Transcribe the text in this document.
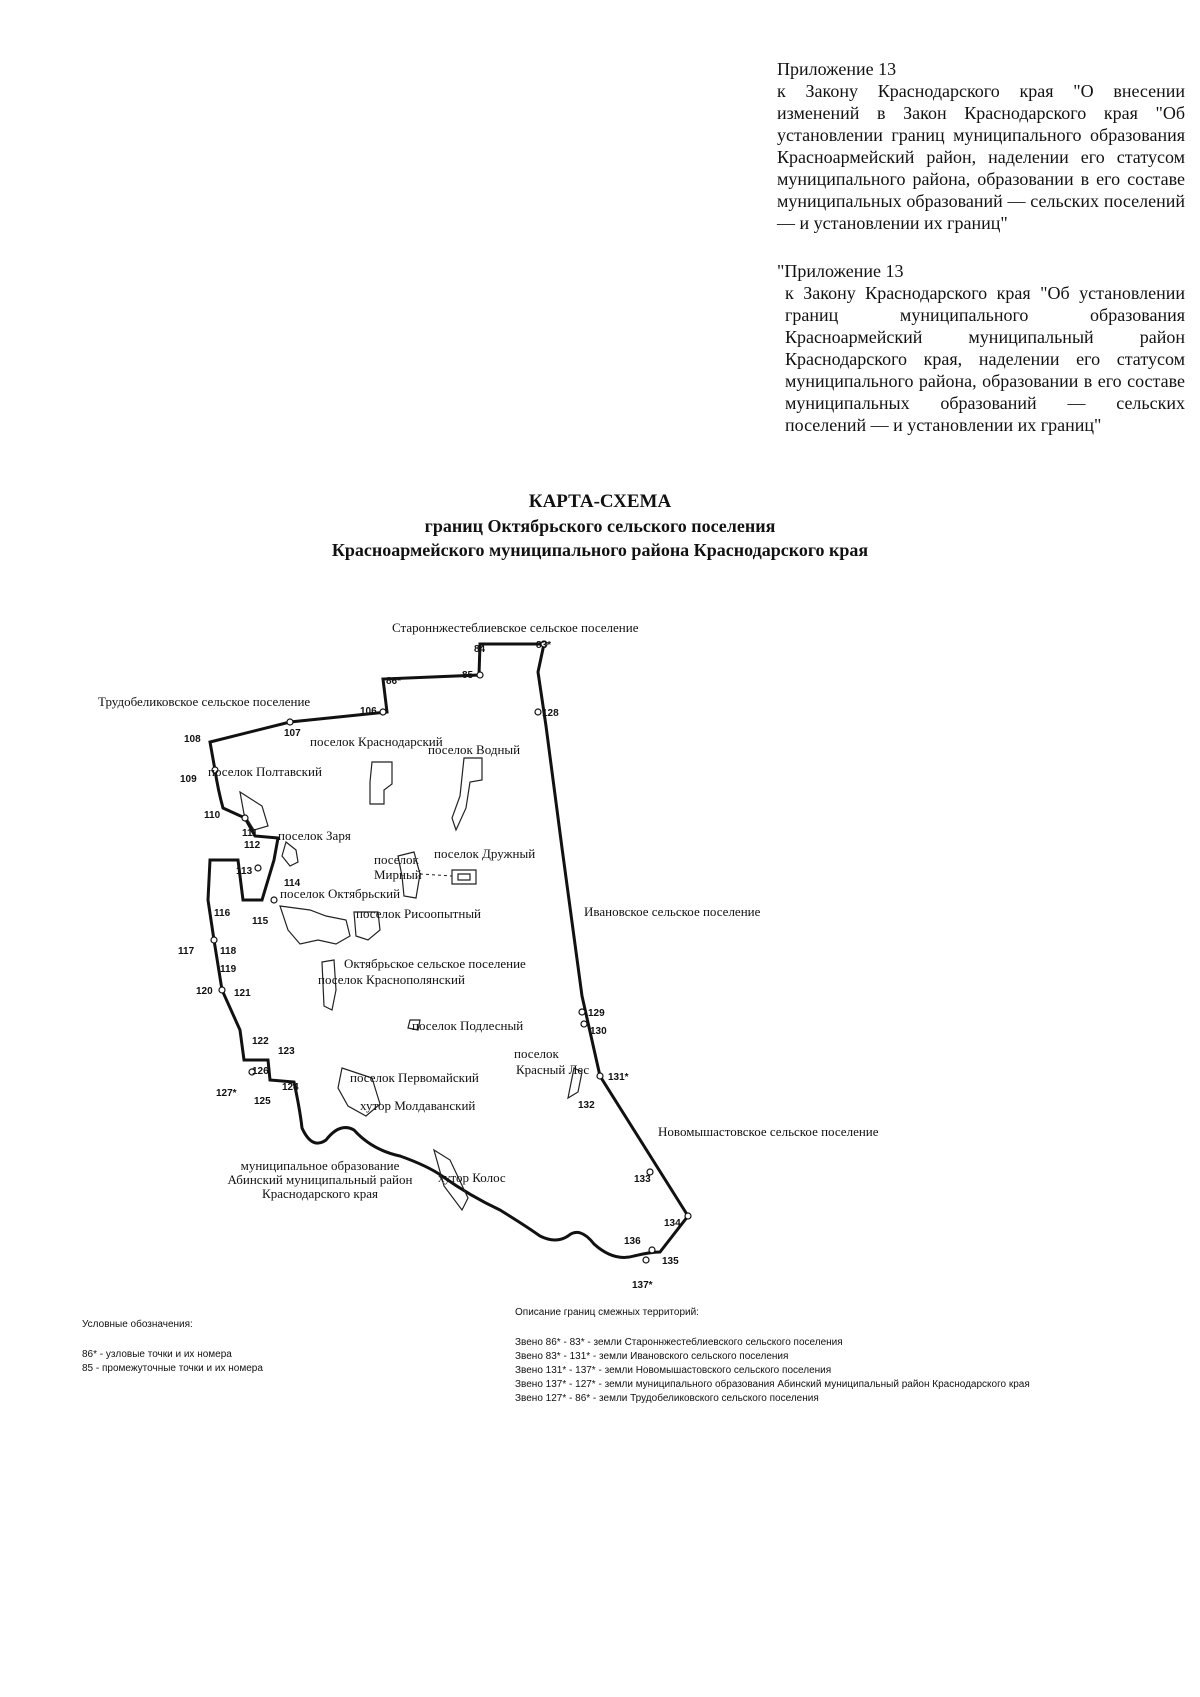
Приложение 13

к Закону Краснодарского края "О внесении изменений в Закон Краснодарского края "Об установлении границ муниципального образования Красноармейский район, наделении его статусом муниципального района, образовании в его составе муниципальных образований — сельских поселений — и установлении их границ"

"Приложение 13

к Закону Краснодарского края "Об установлении границ муниципального образования Красноармейский муниципальный район Краснодарского края, наделении его статусом муниципального района, образовании в его составе муниципальных образований — сельских поселений — и установлении их границ"

КАРТА-СХЕМА
границ Октябрьского сельского поселения
Красноармейского муниципального района Краснодарского края
Староннжестеблиевское сельское поселение
Трудобеликовское сельское поселение
Ивановское сельское поселение
Новомышастовское сельское поселение
муниципальное образование
Абинский муниципальный район
Краснодарского края
Октябрьское сельское поселение
поселок Краснодарский
поселок Водный
поселок Полтавский
поселок Заря
поселок
Мирный
поселок Дружный
поселок Октябрьский
поселок Рисоопытный
поселок Краснополянский
поселок Подлесный
поселок
Красный Лес
поселок Первомайский
хутор Молдаванский
хутор Колос
83*
84
85
86*
106
107
108
109
110
111
112
113
114
115
116
117	118
119
120 121
122
123
124
125
126
127*
128
129
130
131*
132
133
134
135
136
137*
Условные обозначения:
86* - узловые точки и их номера
85 - промежуточные точки и их номера
Описание границ смежных территорий:
Звено 86* - 83* - земли Староннжестеблиевского сельского поселения
Звено 83* - 131* - земли Ивановского сельского поселения
Звено 131* - 137* - земли Новомышастовского сельского поселения
Звено 137* - 127* - земли муниципального образования Абинский муниципальный район Краснодарского края
Звено 127* - 86* - земли Трудобеликовского сельского поселения
